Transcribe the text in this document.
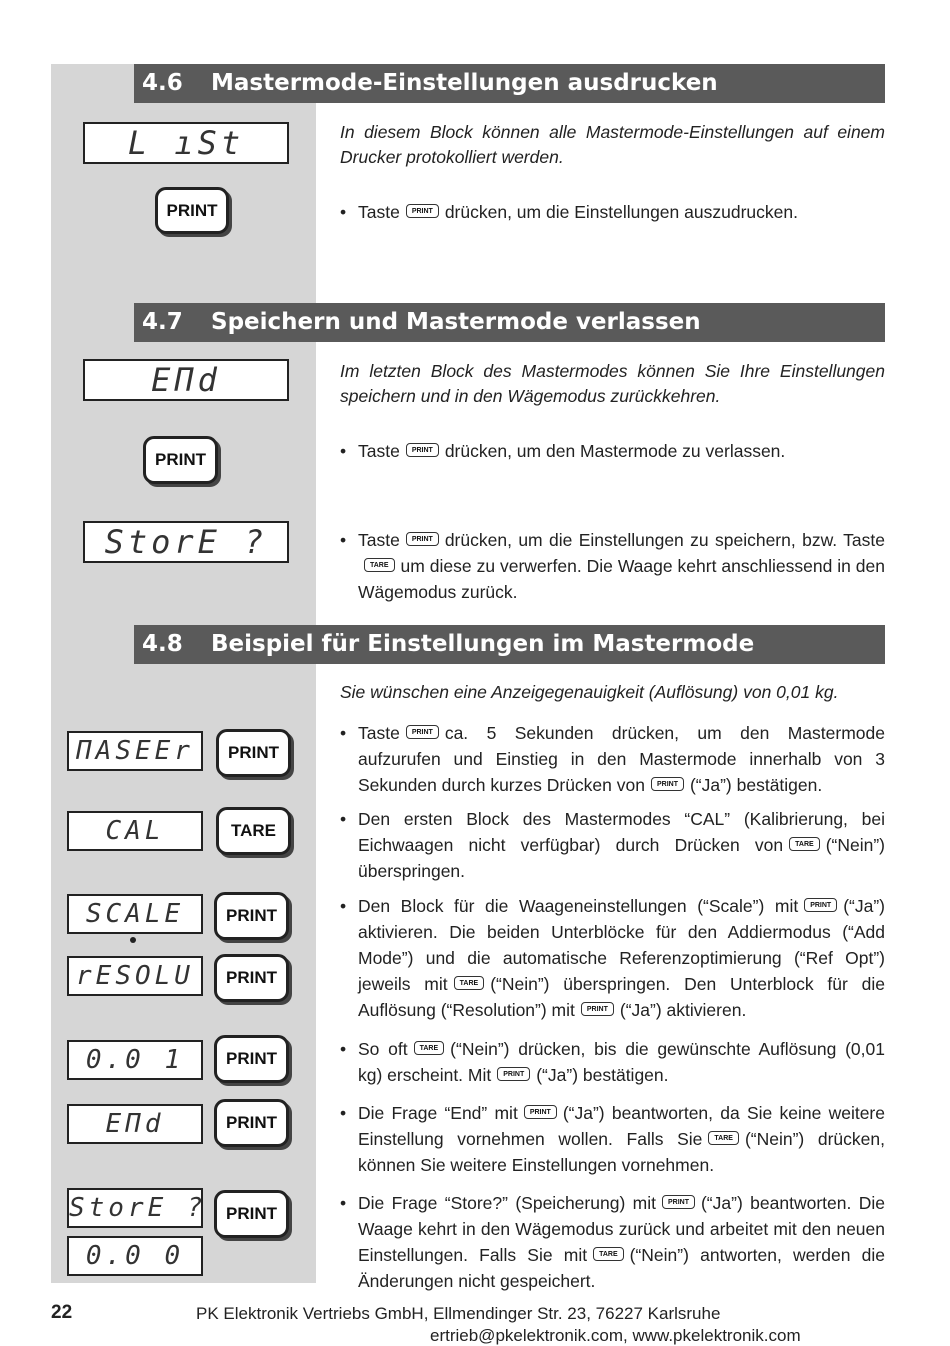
4.6 Mastermode-Einstellungen ausdrucken
L ıSt
PRINT
In diesem Block können alle Mastermode-Einstellungen auf einem Drucker protokolliert werden.
• Taste PRINT drücken, um die Einstellungen auszudrucken.
4.7 Speichern und Mastermode verlassen
EΠd
PRINT
StorE ?
Im letzten Block des Mastermodes können Sie Ihre Einstellungen speichern und in den Wägemodus zurückkehren.
• Taste PRINT drücken, um den Mastermode zu verlassen.
• Taste PRINT drücken, um die Einstellungen zu speichern, bzw. Taste TARE um diese zu verwerfen. Die Waage kehrt anschliessend in den Wägemodus zurück.
4.8 Beispiel für Einstellungen im Mastermode
Sie wünschen eine Anzeigegenauigkeit (Auflösung) von 0,01 kg.
ΠASEEr	PRINT
CAL	TARE
SCALE	PRINT
rESOLU	PRINT
0.0 1	PRINT
EΠd	PRINT
StorE ?	PRINT
0.0 0
• Taste PRINT ca. 5 Sekunden drücken, um den Mastermode aufzurufen und Einstieg in den Mastermode innerhalb von 3 Sekunden durch kurzes Drücken von PRINT (“Ja”) bestätigen.
• Den ersten Block des Mastermodes “CAL” (Kalibrierung, bei Eichwaagen nicht verfügbar) durch Drücken von TARE (“Nein”) überspringen.
• Den Block für die Waageneinstellungen (“Scale”) mit PRINT (“Ja”) aktivieren. Die beiden Unterblöcke für den Addiermodus (“Add Mode”) und die automatische Referenzoptimierung (“Ref Opt”) jeweils mit TARE (“Nein”) überspringen. Den Unterblock für die Auflösung (“Resolution”) mit PRINT (“Ja”) aktivieren.
• So oft TARE (“Nein”) drücken, bis die gewünschte Auflösung (0,01 kg) erscheint. Mit PRINT (“Ja”) bestätigen.
• Die Frage “End” mit PRINT (“Ja”) beantworten, da Sie keine weitere Einstellung vornehmen wollen. Falls Sie TARE (“Nein”) drücken, können Sie weitere Einstellungen vornehmen.
• Die Frage “Store?” (Speicherung) mit PRINT (“Ja”) beantworten. Die Waage kehrt in den Wägemodus zurück und arbeitet mit den neuen Einstellungen. Falls Sie mit TARE (“Nein”) antworten, werden die Änderungen nicht gespeichert.
22	PK Elektronik Vertriebs GmbH, Ellmendinger Str. 23, 76227 Karlsruhe
ertrieb@pkelektronik.com, www.pkelektronik.com
